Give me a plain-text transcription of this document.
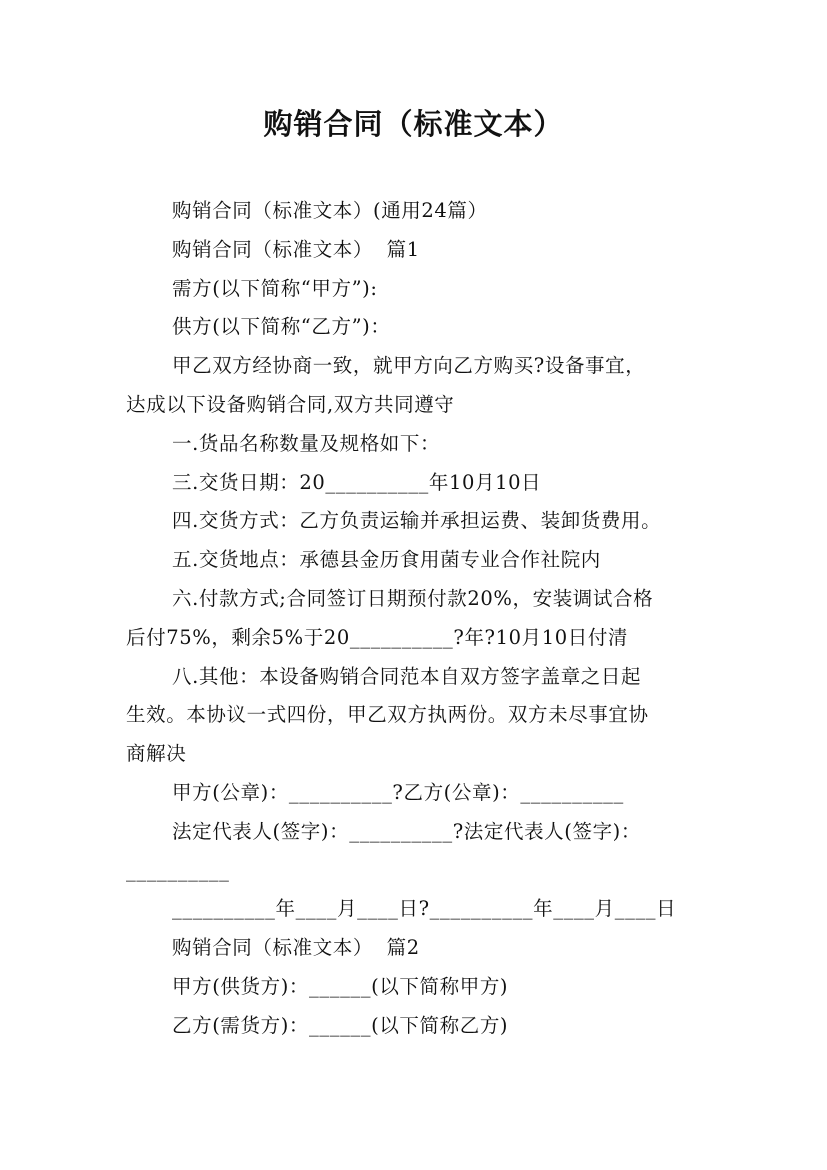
购销合同（标准文本）

购销合同（标准文本）(通用24篇）

购销合同（标准文本）  篇1

需方(以下简称“甲方”):

供方(以下简称“乙方”)：

甲乙双方经协商一致，就甲方向乙方购买?设备事宜，

达成以下设备购销合同,双方共同遵守

一.货品名称数量及规格如下：

三.交货日期：20__________年10月10日

四.交货方式：乙方负责运输并承担运费、装卸货费用。

五.交货地点：承德县金历食用菌专业合作社院内

六.付款方式;合同签订日期预付款20%，安装调试合格

后付75%，剩余5%于20__________?年?10月10日付清

八.其他：本设备购销合同范本自双方签字盖章之日起

生效。本协议一式四份，甲乙双方执两份。双方未尽事宜协

商解决

甲方(公章)：__________?乙方(公章)：__________

法定代表人(签字)：__________?法定代表人(签字)：

__________

__________年____月____日?__________年____月____日

购销合同（标准文本）  篇2

甲方(供货方)：______(以下简称甲方)

乙方(需货方)：______(以下简称乙方)
